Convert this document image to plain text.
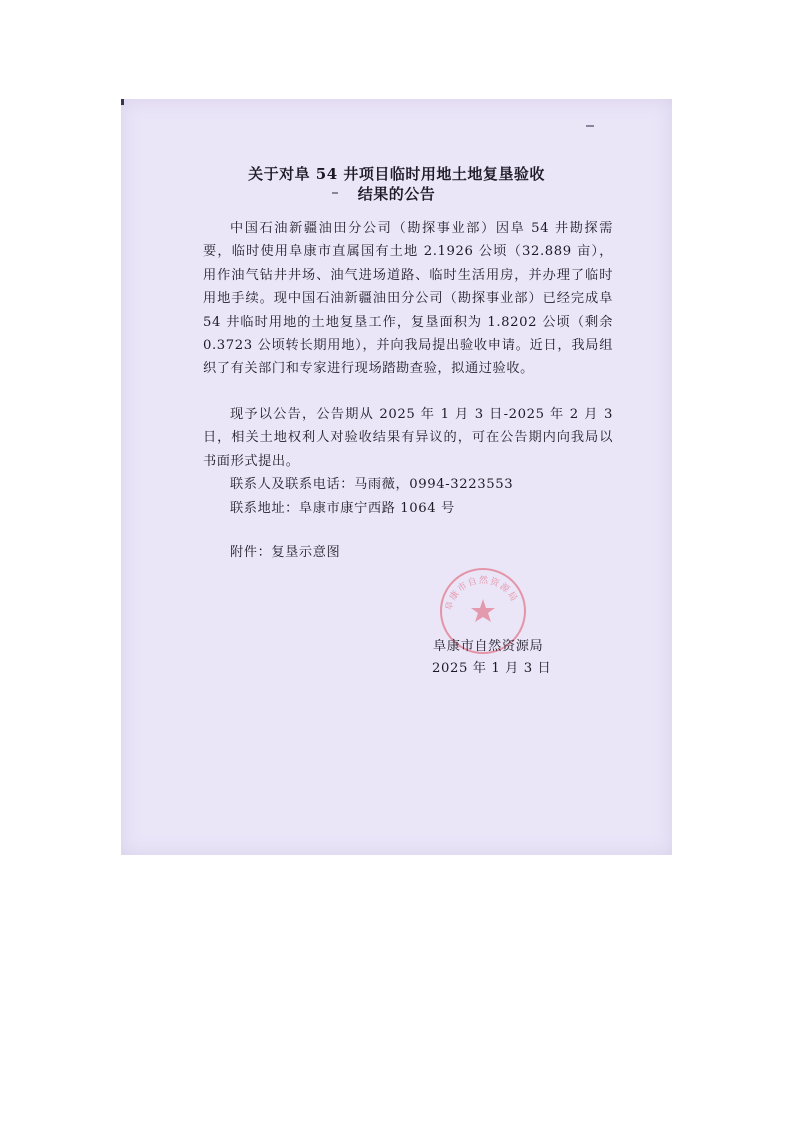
关于对阜 54 井项目临时用地土地复垦验收
结果的公告
中国石油新疆油田分公司（勘探事业部）因阜 54 井勘探需要，临时使用阜康市直属国有土地 2.1926 公顷（32.889 亩），用作油气钻井井场、油气进场道路、临时生活用房，并办理了临时用地手续。现中国石油新疆油田分公司（勘探事业部）已经完成阜 54 井临时用地的土地复垦工作，复垦面积为 1.8202 公顷（剩余 0.3723 公顷转长期用地），并向我局提出验收申请。近日，我局组织了有关部门和专家进行现场踏勘查验，拟通过验收。
现予以公告，公告期从 2025 年 1 月 3 日-2025 年 2 月 3 日，相关土地权利人对验收结果有异议的，可在公告期内向我局以书面形式提出。
联系人及联系电话：马雨薇，0994-3223553
联系地址：阜康市康宁西路 1064 号
附件：复垦示意图
阜康市自然资源局
阜康市自然资源局
2025 年 1 月 3 日
